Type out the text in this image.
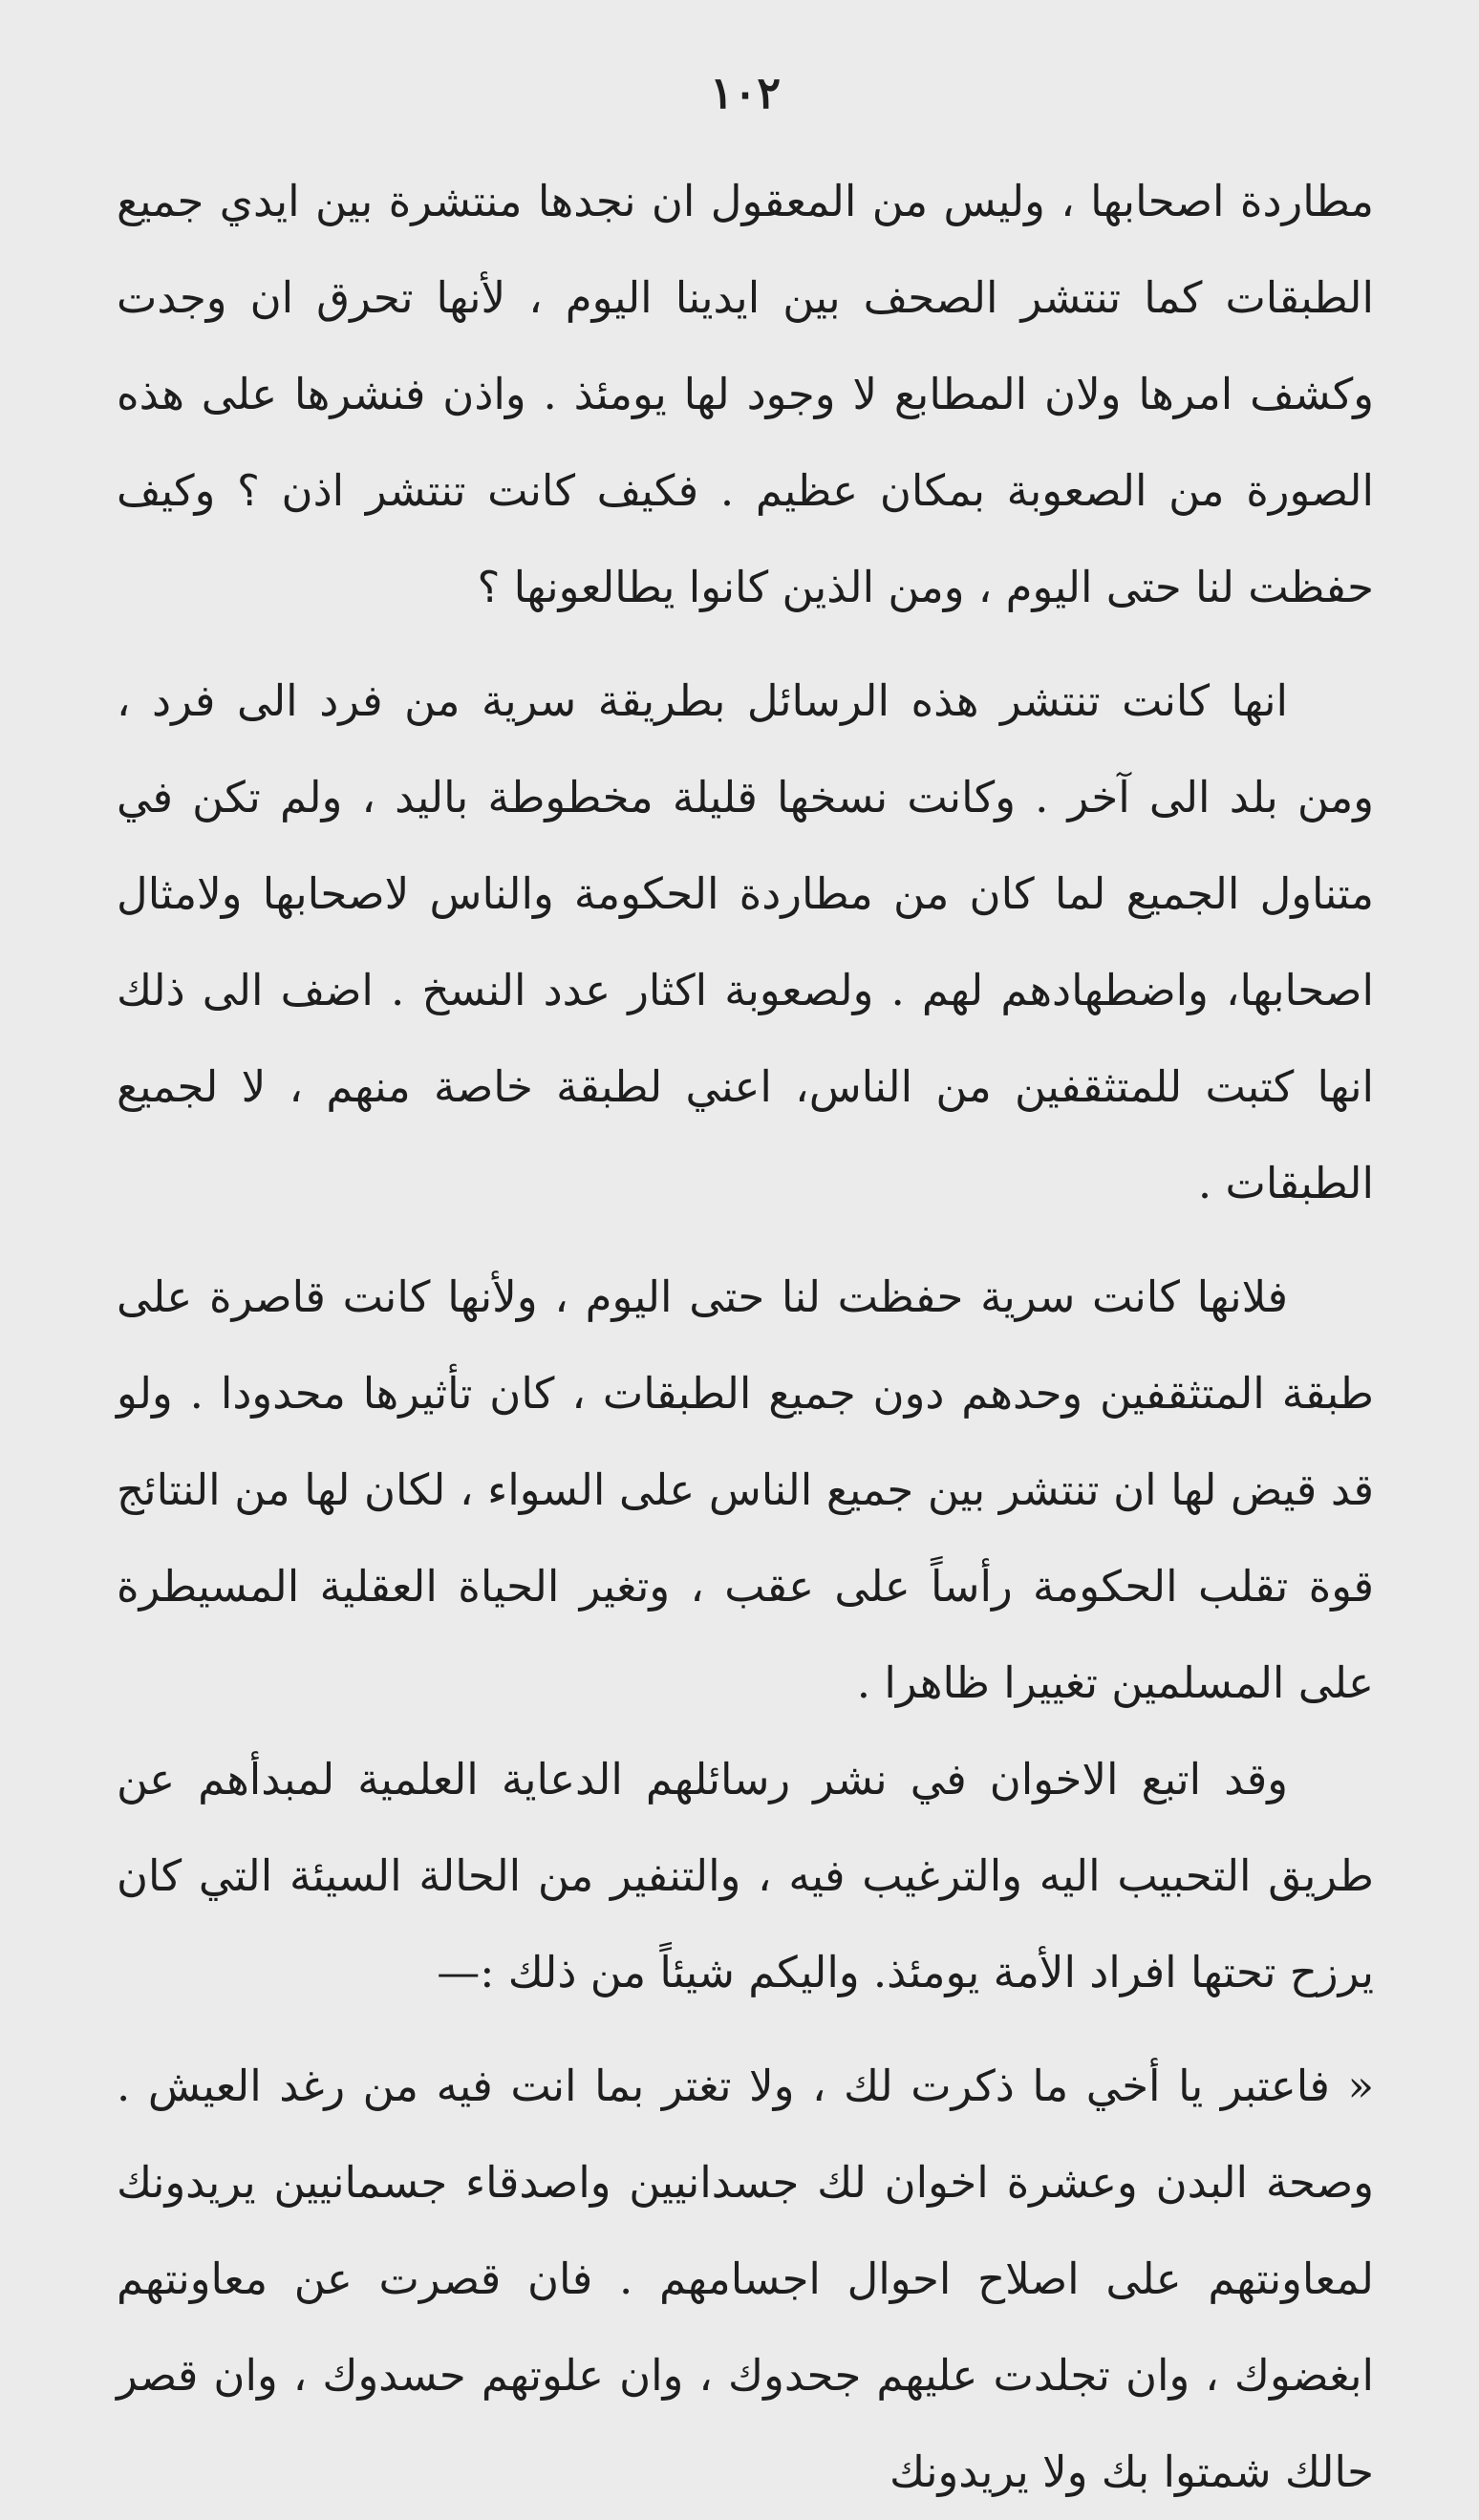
١٠٢

مطاردة اصحابها ، وليس من المعقول ان نجدها منتشرة بين ايدي جميع الطبقات كما تنتشر الصحف بين ايدينا اليوم ، لأنها تحرق ان وجدت وكشف امرها ولان المطابع لا وجود لها يومئذ . واذن فنشرها على هذه الصورة من الصعوبة بمكان عظيم . فكيف كانت تنتشر اذن ؟ وكيف حفظت لنا حتى اليوم ، ومن الذين كانوا يطالعونها ؟

انها كانت تنتشر هذه الرسائل بطريقة سرية من فرد الى فرد ، ومن بلد الى آخر . وكانت نسخها قليلة مخطوطة باليد ، ولم تكن في متناول الجميع لما كان من مطاردة الحكومة والناس لاصحابها ولامثال اصحابها، واضطهادهم لهم . ولصعوبة اكثار عدد النسخ . اضف الى ذلك انها كتبت للمتثقفين من الناس، اعني لطبقة خاصة منهم ، لا لجميع الطبقات .

فلانها كانت سرية حفظت لنا حتى اليوم ، ولأنها كانت قاصرة على طبقة المتثقفين وحدهم دون جميع الطبقات ، كان تأثيرها محدودا . ولو قد قيض لها ان تنتشر بين جميع الناس على السواء ، لكان لها من النتائج قوة تقلب الحكومة رأساً على عقب ، وتغير الحياة العقلية المسيطرة على المسلمين تغييرا ظاهرا .

وقد اتبع الاخوان في نشر رسائلهم الدعاية العلمية لمبدأهم عن طريق التحبيب اليه والترغيب فيه ، والتنفير من الحالة السيئة التي كان يرزح تحتها افراد الأمة يومئذ. واليكم شيئاً من ذلك :—

« فاعتبر يا أخي ما ذكرت لك ، ولا تغتر بما انت فيه من رغد العيش . وصحة البدن وعشرة اخوان لك جسدانيين واصدقاء جسمانيين يريدونك لمعاونتهم على اصلاح احوال اجسامهم . فان قصرت عن معاونتهم ابغضوك ، وان تجلدت عليهم جحدوك ، وان علوتهم حسدوك ، وان قصر حالك شمتوا بك ولا يريدونك
